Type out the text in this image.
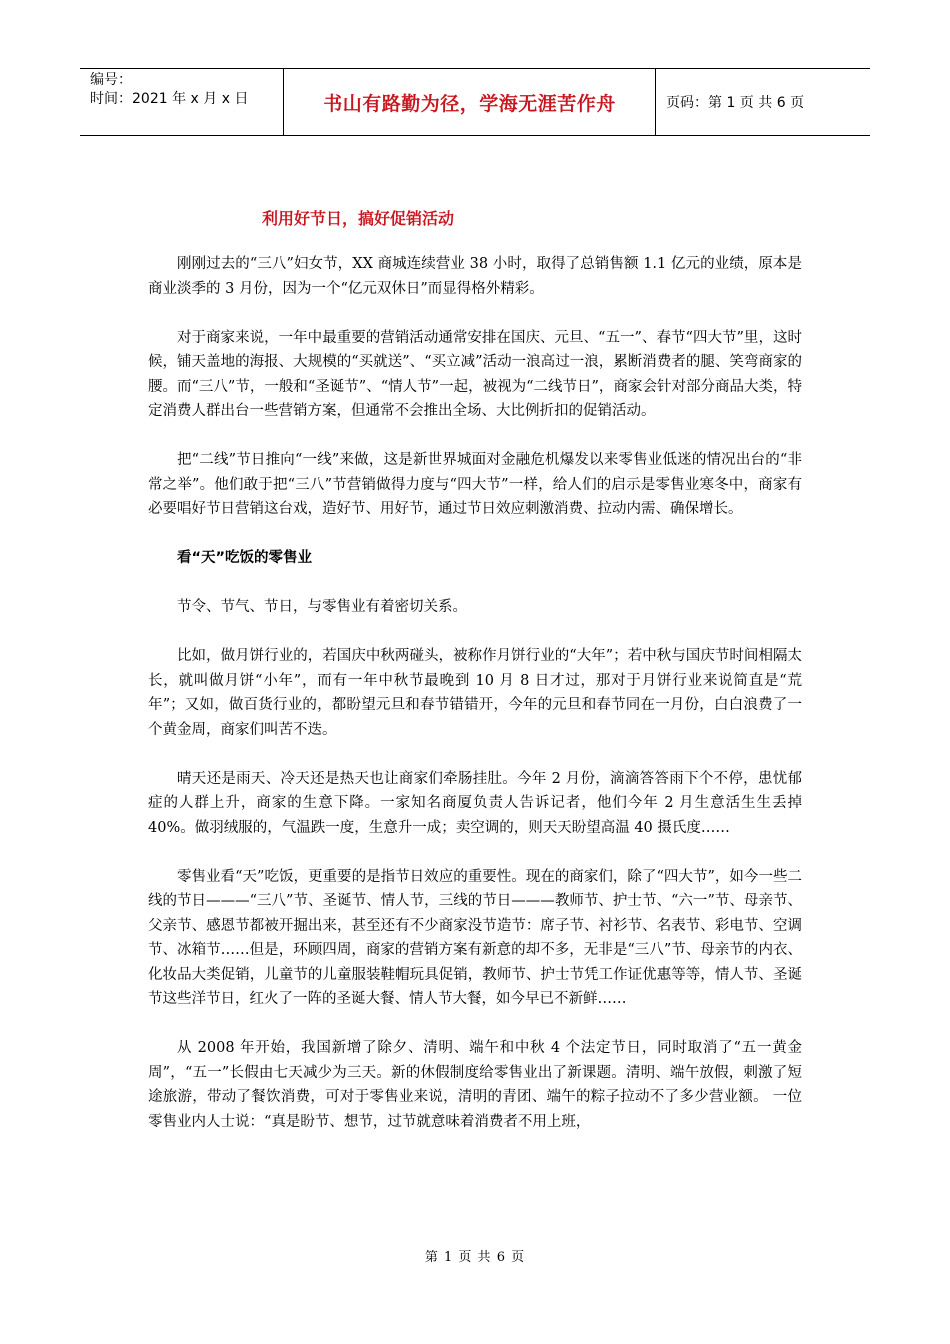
编号：
时间：2021 年 x 月 x 日	书山有路勤为径，学海无涯苦作舟	页码：第 1 页 共 6 页
利用好节日，搞好促销活动

刚刚过去的“三八”妇女节，XX 商城连续营业 38 小时，取得了总销售额 1.1 亿元的业绩，原本是商业淡季的 3 月份，因为一个“亿元双休日”而显得格外精彩。

对于商家来说，一年中最重要的营销活动通常安排在国庆、元旦、“五一”、春节“四大节”里，这时候，铺天盖地的海报、大规模的“买就送”、“买立减”活动一浪高过一浪，累断消费者的腿、笑弯商家的腰。而“三八”节，一般和“圣诞节”、“情人节”一起，被视为“二线节日”，商家会针对部分商品大类，特定消费人群出台一些营销方案，但通常不会推出全场、大比例折扣的促销活动。

把“二线”节日推向“一线”来做，这是新世界城面对金融危机爆发以来零售业低迷的情况出台的“非常之举”。他们敢于把“三八”节营销做得力度与“四大节”一样，给人们的启示是零售业寒冬中，商家有必要唱好节日营销这台戏，造好节、用好节，通过节日效应刺激消费、拉动内需、确保增长。

看“天”吃饭的零售业

节令、节气、节日，与零售业有着密切关系。

比如，做月饼行业的，若国庆中秋两碰头，被称作月饼行业的“大年”；若中秋与国庆节时间相隔太长，就叫做月饼“小年”，而有一年中秋节最晚到 10 月 8 日才过，那对于月饼行业来说简直是“荒年”；又如，做百货行业的，都盼望元旦和春节错错开，今年的元旦和春节同在一月份，白白浪费了一个黄金周，商家们叫苦不迭。

晴天还是雨天、冷天还是热天也让商家们牵肠挂肚。今年 2 月份，滴滴答答雨下个不停，患忧郁症的人群上升，商家的生意下降。一家知名商厦负责人告诉记者，他们今年 2 月生意活生生丢掉 40%。做羽绒服的，气温跌一度，生意升一成；卖空调的，则天天盼望高温 40 摄氏度……

零售业看“天”吃饭，更重要的是指节日效应的重要性。现在的商家们，除了“四大节”，如今一些二线的节日———“三八”节、圣诞节、情人节，三线的节日———教师节、护士节、“六一”节、母亲节、父亲节、感恩节都被开掘出来，甚至还有不少商家没节造节：席子节、衬衫节、名表节、彩电节、空调节、冰箱节……但是，环顾四周，商家的营销方案有新意的却不多，无非是“三八”节、母亲节的内衣、化妆品大类促销，儿童节的儿童服装鞋帽玩具促销，教师节、护士节凭工作证优惠等等，情人节、圣诞节这些洋节日，红火了一阵的圣诞大餐、情人节大餐，如今早已不新鲜……

从 2008 年开始，我国新增了除夕、清明、端午和中秋 4 个法定节日，同时取消了“五一黄金周”，“五一”长假由七天减少为三天。新的休假制度给零售业出了新课题。清明、端午放假，刺激了短途旅游，带动了餐饮消费，可对于零售业来说，清明的青团、端午的粽子拉动不了多少营业额。 一位零售业内人士说：“真是盼节、想节，过节就意味着消费者不用上班，

第 1 页 共 6 页
